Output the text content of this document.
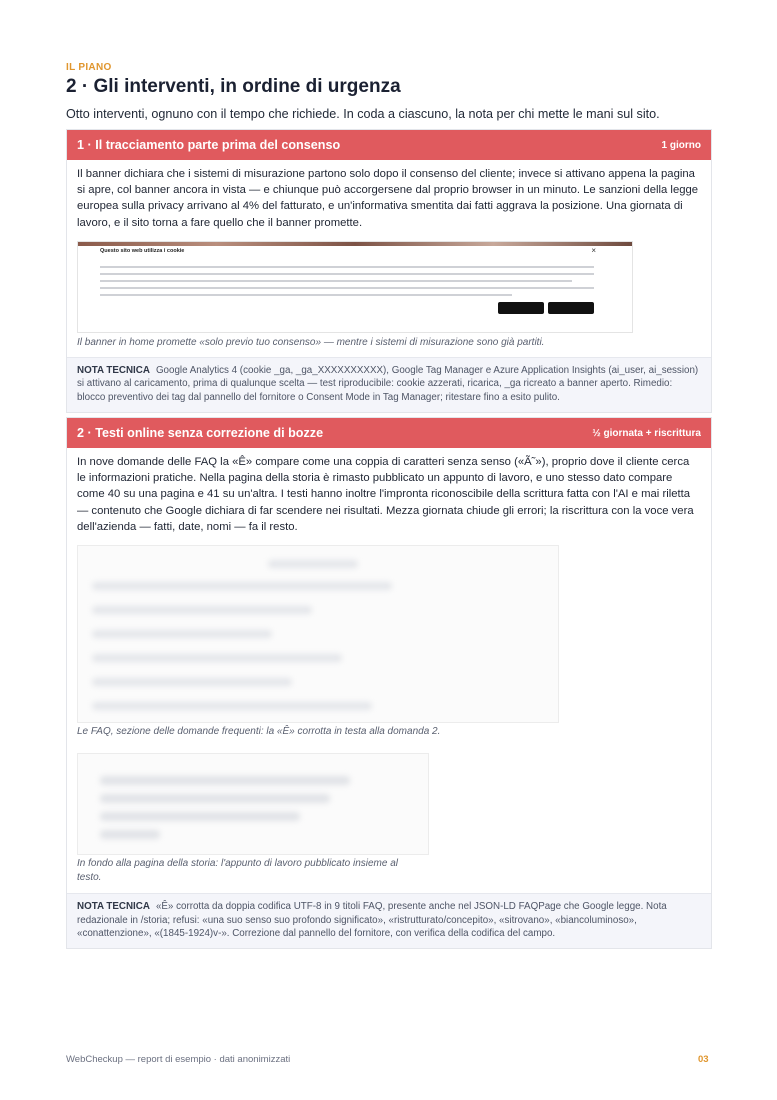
IL PIANO
2 · Gli interventi, in ordine di urgenza
Otto interventi, ognuno con il tempo che richiede. In coda a ciascuno, la nota per chi mette le mani sul sito.
1 · Il tracciamento parte prima del consenso	1 giorno
Il banner dichiara che i sistemi di misurazione partono solo dopo il consenso del cliente; invece si attivano appena la pagina si apre, col banner ancora in vista — e chiunque può accorgersene dal proprio browser in un minuto. Le sanzioni della legge europea sulla privacy arrivano al 4% del fatturato, e un'informativa smentita dai fatti aggrava la posizione. Una giornata di lavoro, e il sito torna a fare quello che il banner promette.
Questo sito web utilizza i cookie	×
Il banner in home promette «solo previo tuo consenso» — mentre i sistemi di misurazione sono già partiti.
NOTA TECNICA Google Analytics 4 (cookie _ga, _ga_XXXXXXXXXX), Google Tag Manager e Azure Application Insights (ai_user, ai_session) si attivano al caricamento, prima di qualunque scelta — test riproducibile: cookie azzerati, ricarica, _ga ricreato a banner aperto. Rimedio: blocco preventivo dei tag dal pannello del fornitore o Consent Mode in Tag Manager; ritestare fino a esito pulito.
2 · Testi online senza correzione di bozze	½ giornata + riscrittura
In nove domande delle FAQ la «Ê» compare come una coppia di caratteri senza senso («Ã˜»), proprio dove il cliente cerca le informazioni pratiche. Nella pagina della storia è rimasto pubblicato un appunto di lavoro, e uno stesso dato compare come 40 su una pagina e 41 su un'altra. I testi hanno inoltre l'impronta riconoscibile della scrittura fatta con l'AI e mai riletta — contenuto che Google dichiara di far scendere nei risultati. Mezza giornata chiude gli errori; la riscrittura con la voce vera dell'azienda — fatti, date, nomi — fa il resto.
Le FAQ, sezione delle domande frequenti: la «Ê» corrotta in testa alla domanda 2.
In fondo alla pagina della storia: l'appunto di lavoro pubblicato insieme al testo.
NOTA TECNICA «Ê» corrotta da doppia codifica UTF-8 in 9 titoli FAQ, presente anche nel JSON-LD FAQPage che Google legge. Nota redazionale in /storia; refusi: «una suo senso suo profondo significato», «ristrutturato/concepito», «sitrovano», «biancoluminoso», «conattenzione», «(1845-1924)v-». Correzione dal pannello del fornitore, con verifica della codifica del campo.
WebCheckup — report di esempio · dati anonimizzati	03
